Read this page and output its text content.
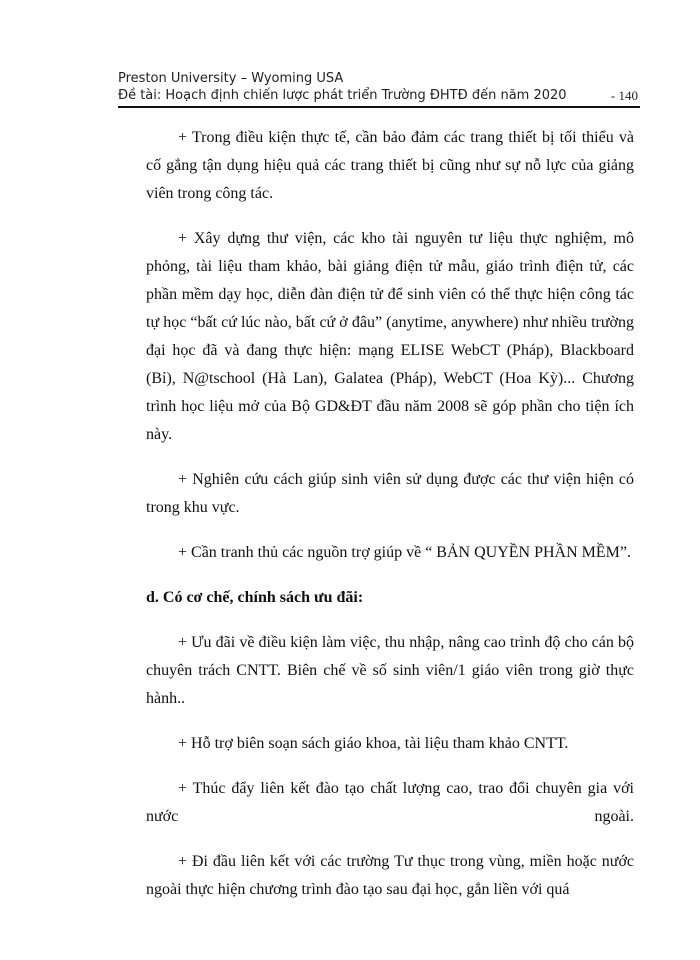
Preston University – Wyoming USA
Đề tài: Hoạch định chiến lược phát triển Trường ĐHTĐ đến năm 2020	- 140

+ Trong điều kiện thực tế, cần bảo đảm các trang thiết bị tối thiểu và cố gắng tận dụng hiệu quả các trang thiết bị cũng như sự nỗ lực của giảng viên trong công tác.

+ Xây dựng thư viện, các kho tài nguyên tư liệu thực nghiệm, mô phỏng, tài liệu tham khảo, bài giảng điện tử mẫu, giáo trình điện tử, các phần mềm dạy học, diễn đàn điện tử để sinh viên có thể thực hiện công tác tự học “bất cứ lúc nào, bất cứ ở đâu” (anytime, anywhere) như nhiều trường đại học đã và đang thực hiện: mạng ELISE WebCT (Pháp), Blackboard (Bỉ), N@tschool (Hà Lan), Galatea (Pháp), WebCT (Hoa Kỳ)... Chương trình học liệu mở của Bộ GD&ĐT đầu năm 2008 sẽ góp phần cho tiện ích này.

+ Nghiên cứu cách giúp sinh viên sử dụng được các thư viện hiện có trong khu vực.

+ Cần tranh thủ các nguồn trợ giúp về “ BẢN QUYỀN PHẦN MỀM”.

d. Có cơ chế, chính sách ưu đãi:

+ Ưu đãi về điều kiện làm việc, thu nhập, nâng cao trình độ cho cán bộ chuyên trách CNTT. Biên chế về số sinh viên/1 giáo viên trong giờ thực hành..

+ Hỗ trợ biên soạn sách giáo khoa, tài liệu tham khảo CNTT.

+ Thúc đẩy liên kết đào tạo chất lượng cao, trao đổi chuyên gia với nước ngoài.

+ Đi đầu liên kết với các trường Tư thục trong vùng, miền hoặc nước ngoài thực hiện chương trình đào tạo sau đại học, gắn liền với quá
